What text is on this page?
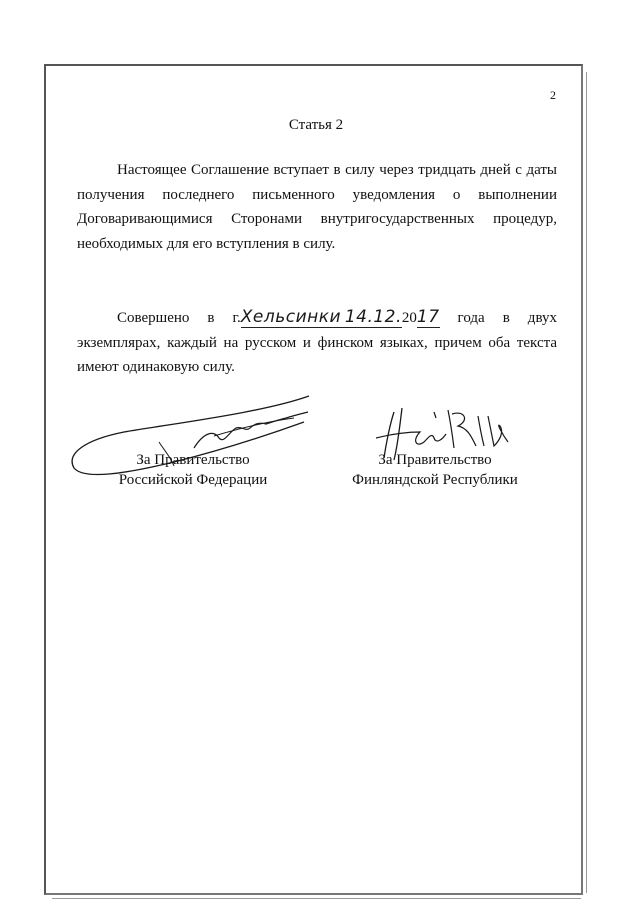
2
Статья 2
Настоящее Соглашение вступает в силу через тридцать дней с даты получения последнего письменного уведомления о выполнении Договаривающимися Сторонами внутригосударственных процедур, необходимых для его вступления в силу.
Совершено в г.Хельсинки 14.12.2017 года в двух экземплярах, каждый на русском и финском языках, причем оба текста имеют одинаковую силу.
За Правительство
Российской Федерации
За Правительство
Финляндской Республики
